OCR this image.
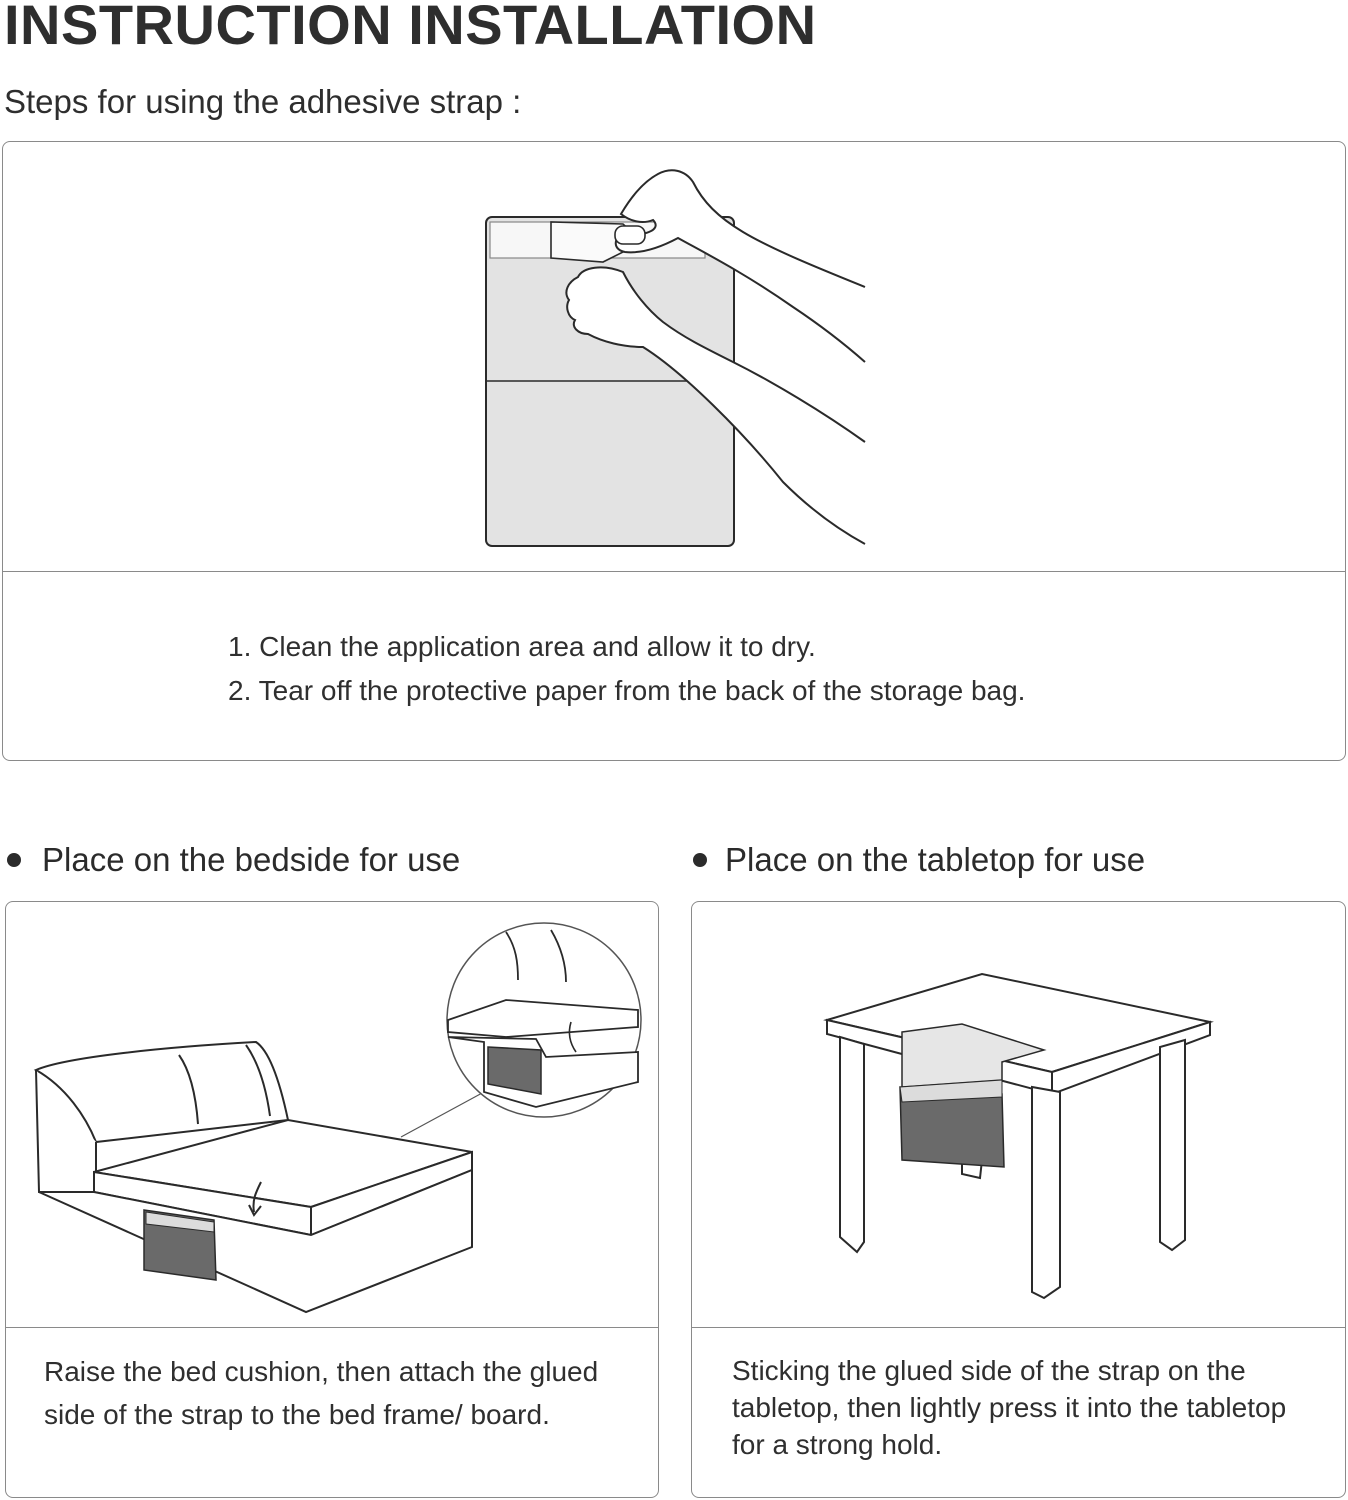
INSTRUCTION INSTALLATION

Steps for using the adhesive strap :

1. Clean the application area and allow it to dry.
2. Tear off the protective paper from the back of the storage bag.
Place on the bedside for use	Place on the tabletop for use

Raise the bed cushion, then attach the glued side of the strap to the bed frame/ board.

Sticking the glued side of the strap on the tabletop, then lightly press it into the tabletop for a strong hold.
